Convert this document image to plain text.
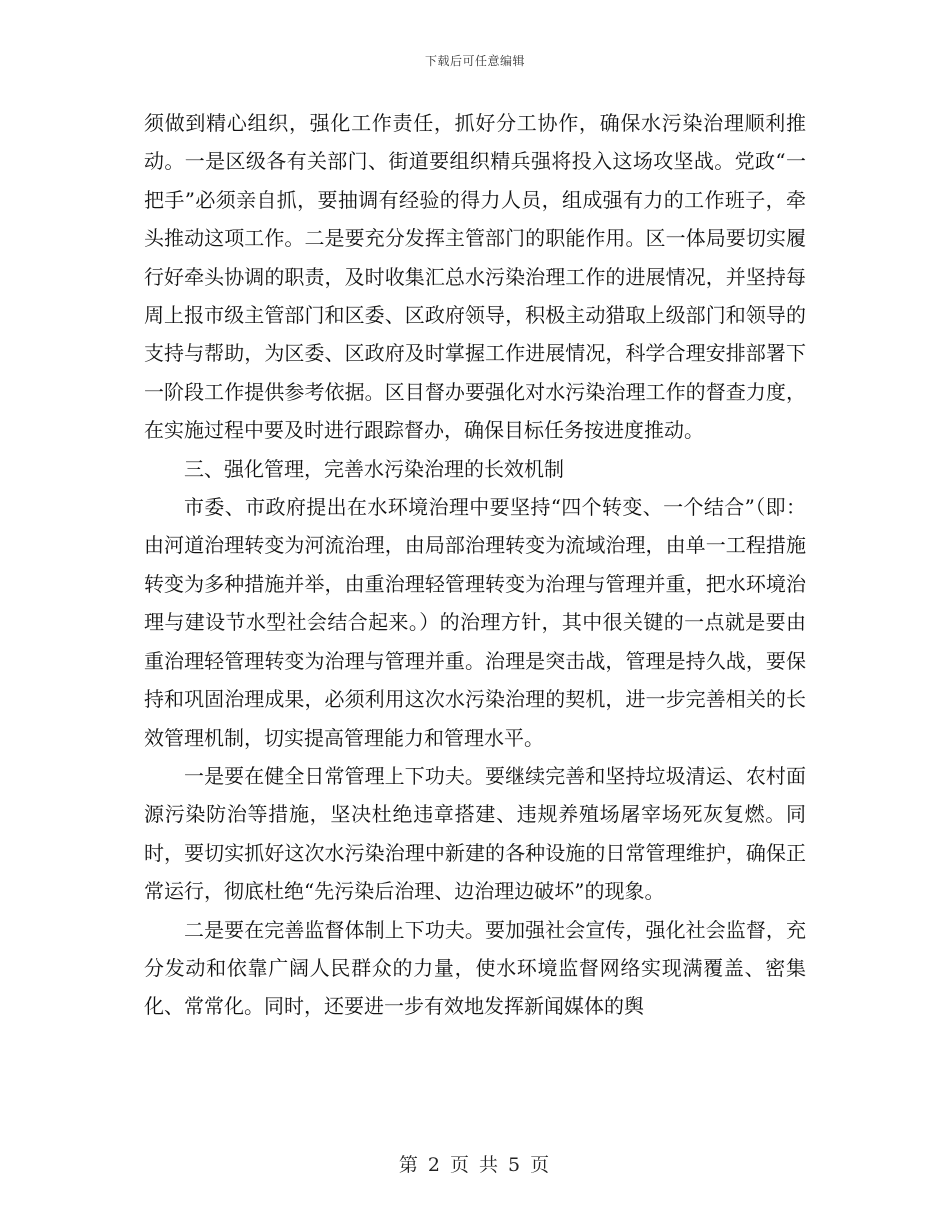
下载后可任意编辑

须做到精心组织，强化工作责任，抓好分工协作，确保水污染治理顺利推动。一是区级各有关部门、街道要组织精兵强将投入这场攻坚战。党政“一把手”必须亲自抓，要抽调有经验的得力人员，组成强有力的工作班子，牵头推动这项工作。二是要充分发挥主管部门的职能作用。区一体局要切实履行好牵头协调的职责，及时收集汇总水污染治理工作的进展情况，并坚持每周上报市级主管部门和区委、区政府领导，积极主动猎取上级部门和领导的支持与帮助，为区委、区政府及时掌握工作进展情况，科学合理安排部署下一阶段工作提供参考依据。区目督办要强化对水污染治理工作的督查力度，在实施过程中要及时进行跟踪督办，确保目标任务按进度推动。

三、强化管理，完善水污染治理的长效机制

市委、市政府提出在水环境治理中要坚持“四个转变、一个结合”（即：由河道治理转变为河流治理，由局部治理转变为流域治理，由单一工程措施转变为多种措施并举，由重治理轻管理转变为治理与管理并重，把水环境治理与建设节水型社会结合起来。）的治理方针，其中很关键的一点就是要由重治理轻管理转变为治理与管理并重。治理是突击战，管理是持久战，要保持和巩固治理成果，必须利用这次水污染治理的契机，进一步完善相关的长效管理机制，切实提高管理能力和管理水平。

一是要在健全日常管理上下功夫。要继续完善和坚持垃圾清运、农村面源污染防治等措施，坚决杜绝违章搭建、违规养殖场屠宰场死灰复燃。同时，要切实抓好这次水污染治理中新建的各种设施的日常管理维护，确保正常运行，彻底杜绝“先污染后治理、边治理边破坏”的现象。

二是要在完善监督体制上下功夫。要加强社会宣传，强化社会监督，充分发动和依靠广阔人民群众的力量，使水环境监督网络实现满覆盖、密集化、常常化。同时，还要进一步有效地发挥新闻媒体的舆

第 2 页 共 5 页
